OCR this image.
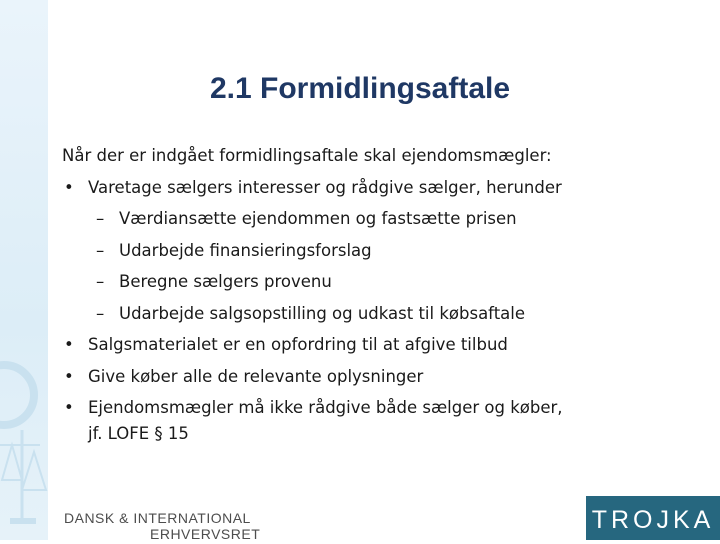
2.1 Formidlingsaftale
Når der er indgået formidlingsaftale skal ejendomsmægler:
• Varetage sælgers interesser og rådgive sælger, herunder
– Værdiansætte ejendommen og fastsætte prisen
– Udarbejde finansieringsforslag
– Beregne sælgers provenu
– Udarbejde salgsopstilling og udkast til købsaftale
• Salgsmaterialet er en opfordring til at afgive tilbud
• Give køber alle de relevante oplysninger
• Ejendomsmægler må ikke rådgive både sælger og køber,
jf. LOFE § 15
DANSK & INTERNATIONAL
ERHVERVSRET	TROJKA
